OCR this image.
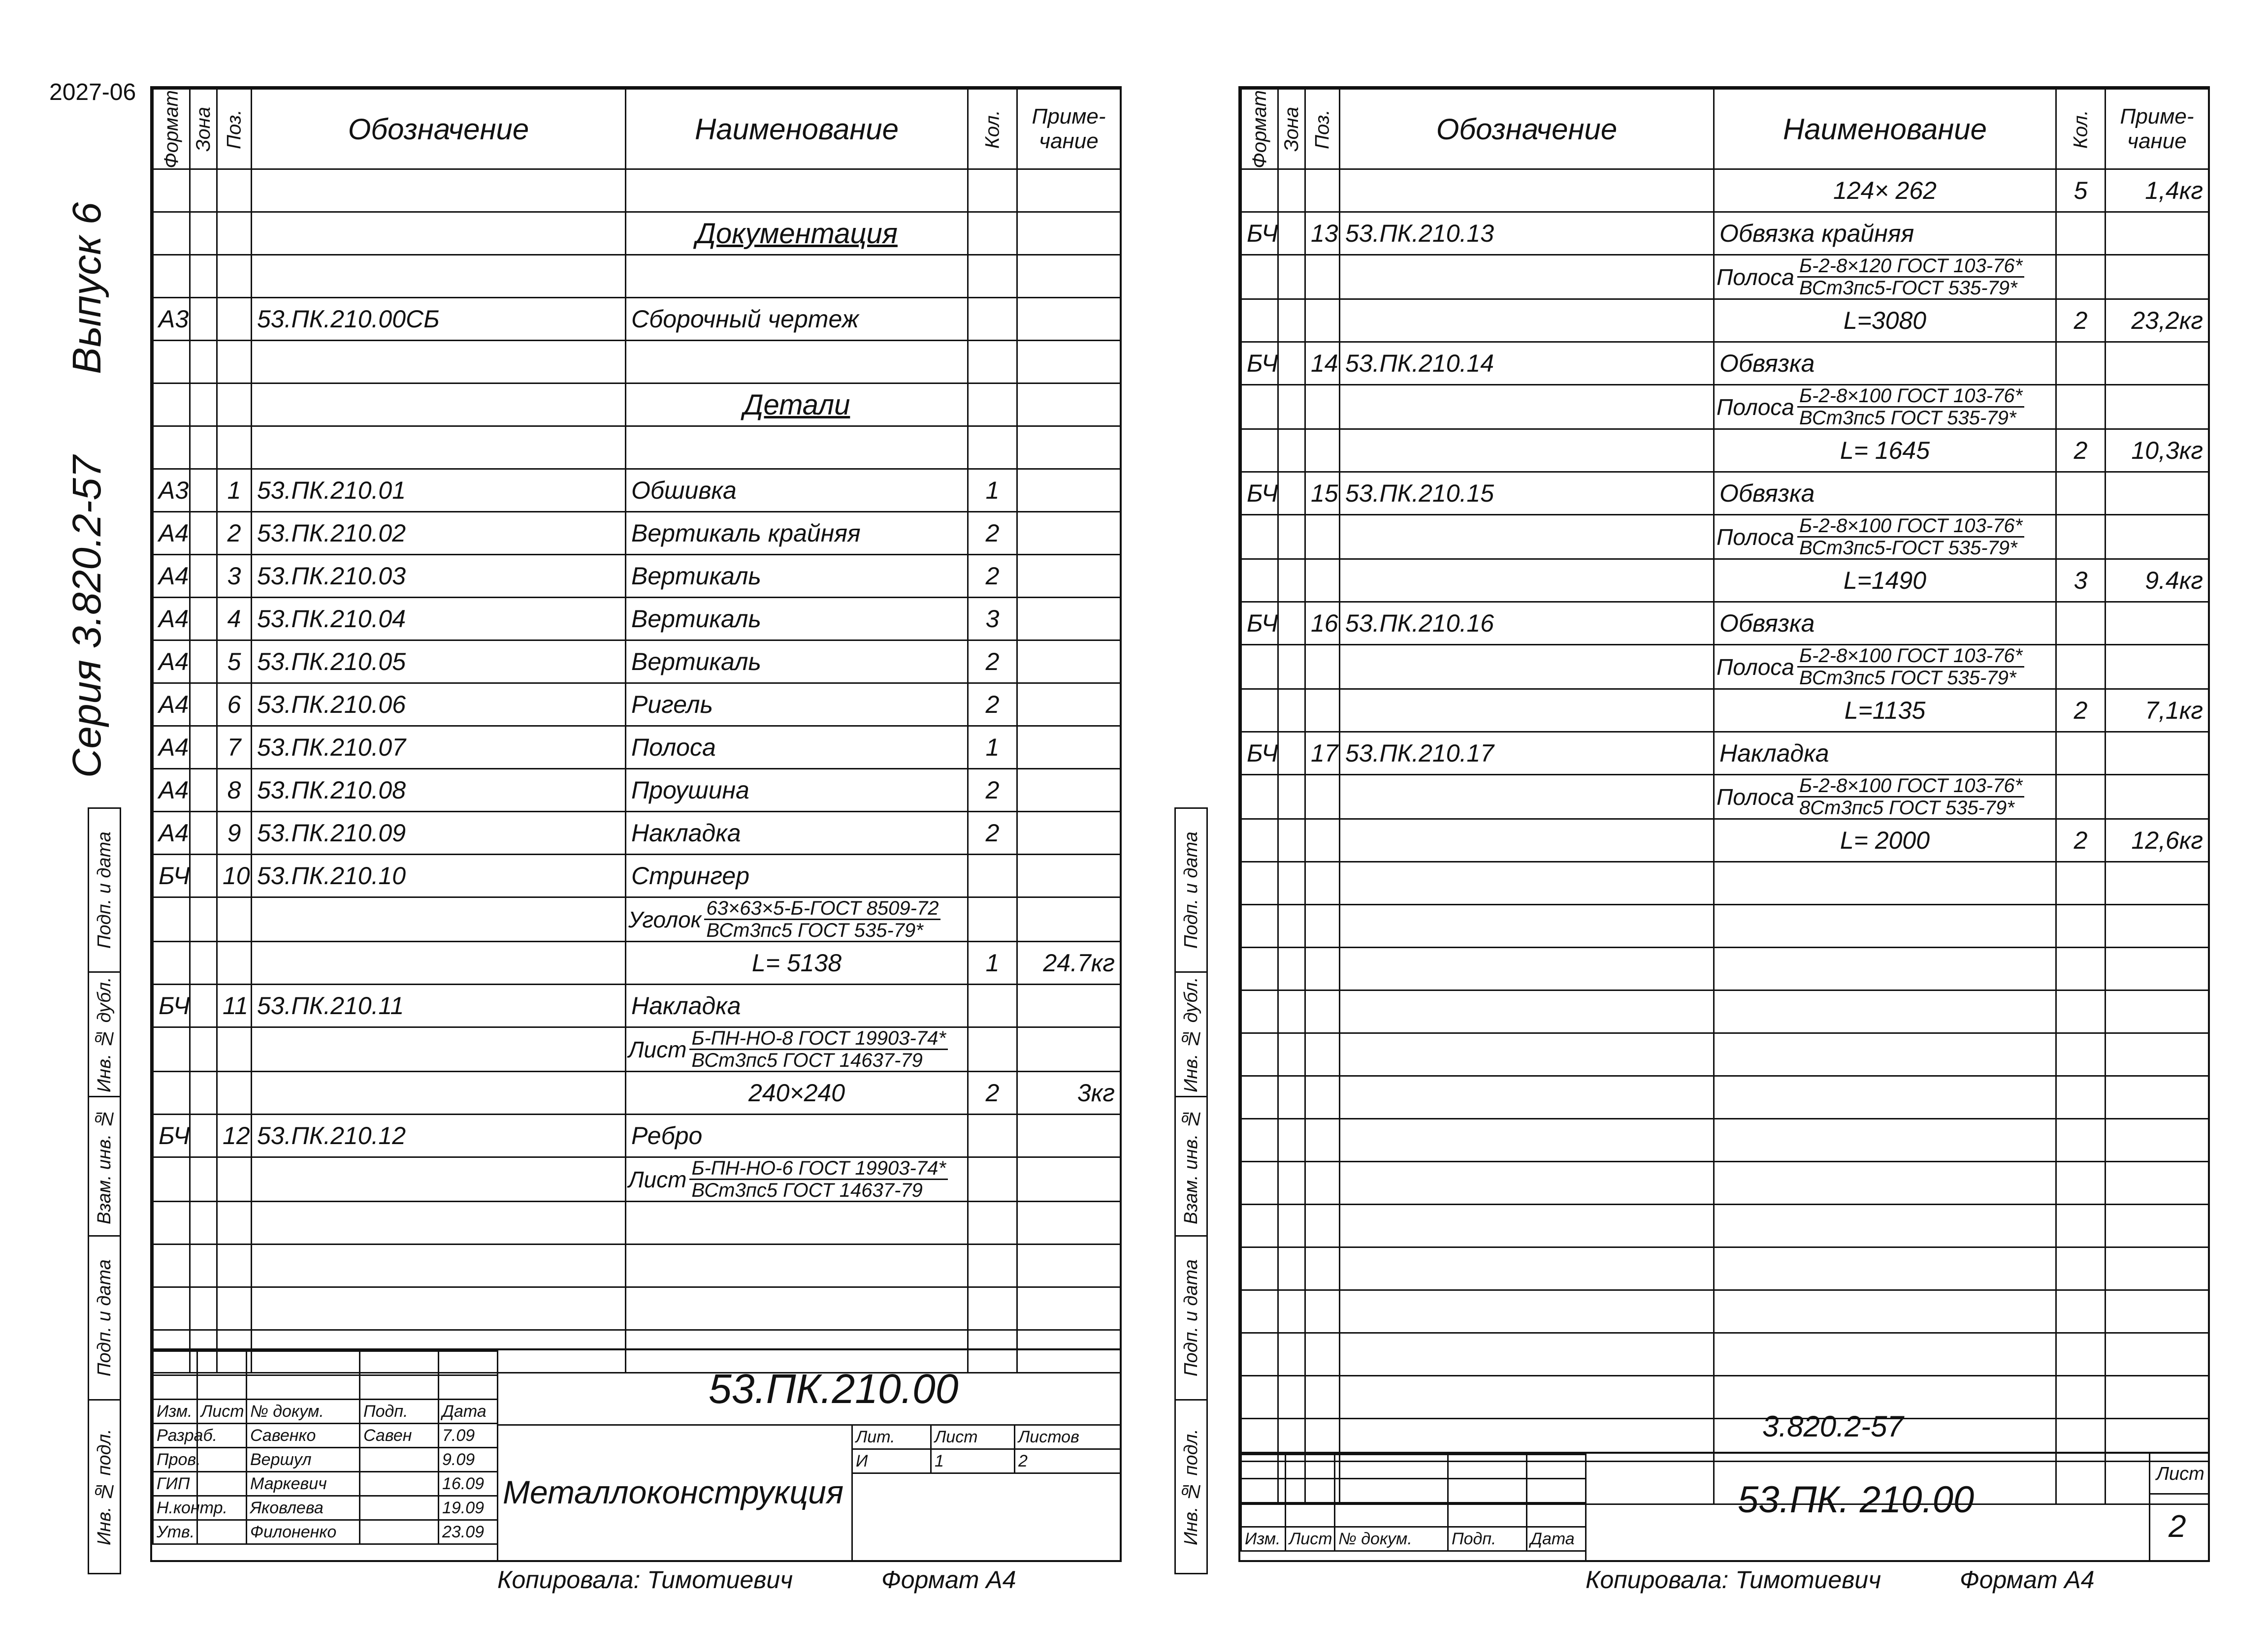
2027-06
Серия 3.820.2-57
Выпуск 6
Подп. и дата
Инв. № дубл.
Взам. инв. №
Подп. и дата
Инв. № подл.
Формат	Зона	Поз.	Обозначение	Наименование	Кол.	Приме-чание

				Документация		

А3			53.ПК.210.00СБ	Сборочный чертеж		

				Детали		

А3		1	53.ПК.210.01	Обшивка	1	
А4		2	53.ПК.210.02	Вертикаль крайняя	2	
А4		3	53.ПК.210.03	Вертикаль	2	
А4		4	53.ПК.210.04	Вертикаль	3	
А4		5	53.ПК.210.05	Вертикаль	2	
А4		6	53.ПК.210.06	Ригель	2	
А4		7	53.ПК.210.07	Полоса	1	
А4		8	53.ПК.210.08	Проушина	2	
А4		9	53.ПК.210.09	Накладка	2	
БЧ		10	53.ПК.210.10	Стрингер		

				Уголок $\frac{\text{63×63×5-Б-ГОСТ 8509-72}}{\text{ВСт3пс5 ГОСТ 535-79*}}$

				L= 5138	1	24.7кг
БЧ		11	53.ПК.210.11	Накладка		

				Лист $\frac{\text{Б-ПН-НО-8 ГОСТ 19903-74*}}{\text{ВСт3пс5 ГОСТ 14637-79}}$

				240×240	2	3кг
БЧ		12	53.ПК.210.12	Ребро		

				Лист $\frac{\text{Б-ПН-НО-6 ГОСТ 19903-74*}}{\text{ВСт3пс5 ГОСТ 14637-79}}$

Изм.	Лист	№ докум.	Подп.	Дата
Разраб.		Савенко	Савен	7.09
Пров.		Вершул		9.09
ГИП		Маркевич		16.09
Н.контр.		Яковлева		19.09
Утв.		Филоненко		23.09
53.ПК.210.00
Металлоконструкция
Лит.	Лист	Листов
И	1	2
Копировала: Тимотиевич	Формат А4
Подп. и дата
Инв. № дубл.
Взам. инв. №
Подп. и дата
Инв. № подл.
Формат	Зона	Поз.	Обозначение	Наименование	Кол.	Приме-чание
				124× 262	5	1,4кг
БЧ		13	53.ПК.210.13	Обвязка крайняя		

				Полоса $\frac{\text{Б-2-8×120 ГОСТ 103-76*}}{\text{ВСт3пс5-ГОСТ 535-79*}}$

				L=3080	2	23,2кг
БЧ		14	53.ПК.210.14	Обвязка		

				Полоса $\frac{\text{Б-2-8×100 ГОСТ 103-76*}}{\text{ВСт3пс5 ГОСТ 535-79*}}$

				L= 1645	2	10,3кг
БЧ		15	53.ПК.210.15	Обвязка		

				Полоса $\frac{\text{Б-2-8×100 ГОСТ 103-76*}}{\text{ВСт3пс5-ГОСТ 535-79*}}$

				L=1490	3	9.4кг
БЧ		16	53.ПК.210.16	Обвязка		

				Полоса $\frac{\text{Б-2-8×100 ГОСТ 103-76*}}{\text{ВСт3пс5 ГОСТ 535-79*}}$

				L=1135	2	7,1кг
БЧ		17	53.ПК.210.17	Накладка		

				Полоса $\frac{\text{Б-2-8×100 ГОСТ 103-76*}}{\text{8Ст3пс5 ГОСТ 535-79*}}$

				L= 2000	2	12,6кг

3.820.2-57

Изм.	Лист	№ докум.	Подп.	Дата
53.ПК. 210.00
Лист
2
Копировала: Тимотиевич	Формат А4
